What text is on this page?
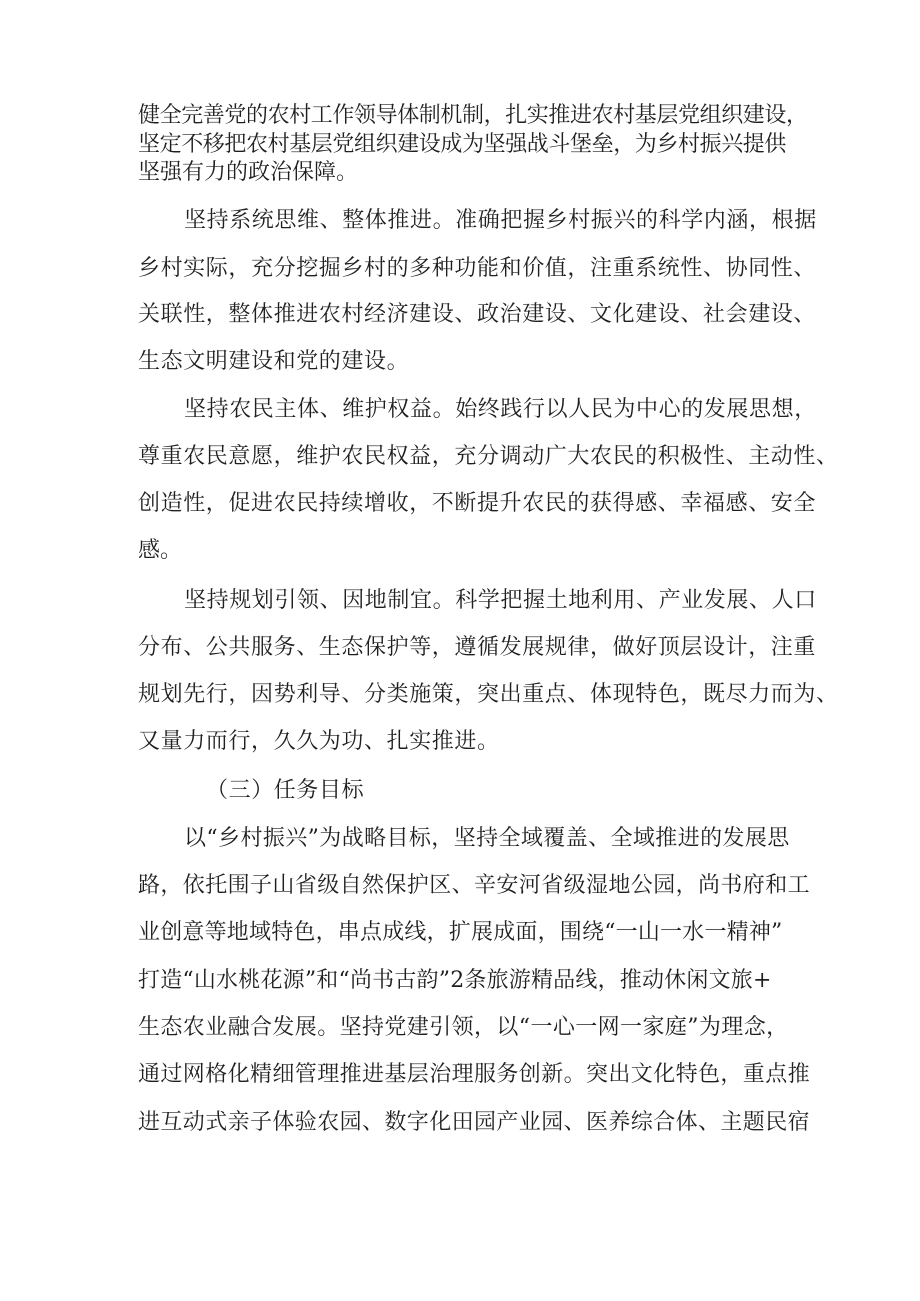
健全完善党的农村工作领导体制机制，扎实推进农村基层党组织建设，
坚定不移把农村基层党组织建设成为坚强战斗堡垒，为乡村振兴提供
坚强有力的政治保障。
坚持系统思维、整体推进。准确把握乡村振兴的科学内涵，根据
乡村实际，充分挖掘乡村的多种功能和价值，注重系统性、协同性、
关联性，整体推进农村经济建设、政治建设、文化建设、社会建设、
生态文明建设和党的建设。
坚持农民主体、维护权益。始终践行以人民为中心的发展思想，
尊重农民意愿，维护农民权益，充分调动广大农民的积极性、主动性、
创造性，促进农民持续增收，不断提升农民的获得感、幸福感、安全
感。
坚持规划引领、因地制宜。科学把握土地利用、产业发展、人口
分布、公共服务、生态保护等，遵循发展规律，做好顶层设计，注重
规划先行，因势利导、分类施策，突出重点、体现特色，既尽力而为、
又量力而行，久久为功、扎实推进。
（三）任务目标
以“乡村振兴”为战略目标，坚持全域覆盖、全域推进的发展思
路，依托围子山省级自然保护区、辛安河省级湿地公园，尚书府和工
业创意等地域特色，串点成线，扩展成面，围绕“一山一水一精神”
打造“山水桃花源”和“尚书古韵”2条旅游精品线，推动休闲文旅+
生态农业融合发展。坚持党建引领，以“一心一网一家庭”为理念，
通过网格化精细管理推进基层治理服务创新。突出文化特色，重点推
进互动式亲子体验农园、数字化田园产业园、医养综合体、主题民宿
